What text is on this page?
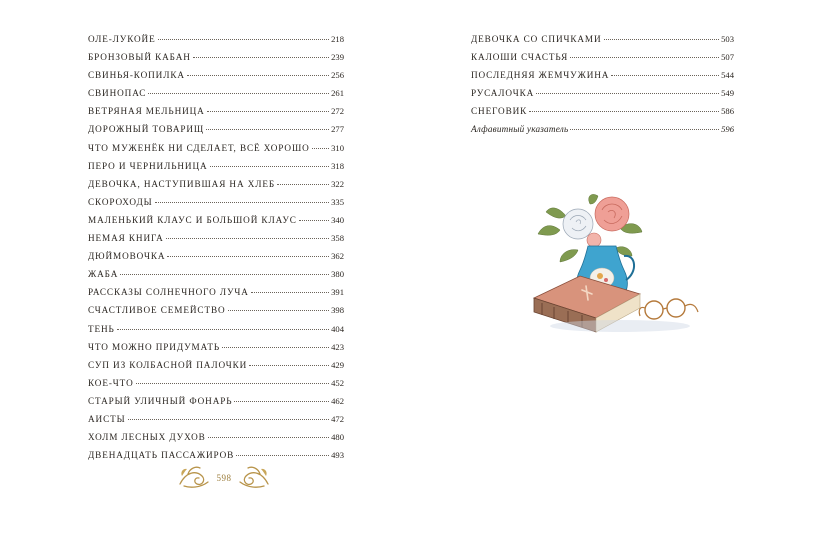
ОЛЕ-ЛУКОЙЕ	218
БРОНЗОВЫЙ КАБАН	239
СВИНЬЯ-КОПИЛКА	256
СВИНОПАС	261
ВЕТРЯНАЯ МЕЛЬНИЦА	272
ДОРОЖНЫЙ ТОВАРИЩ	277
ЧТО МУЖЕНЁК НИ СДЕЛАЕТ, ВСЁ ХОРОШО 310
ПЕРО И ЧЕРНИЛЬНИЦА	318
ДЕВОЧКА, НАСТУПИВШАЯ НА ХЛЕБ	322
СКОРОХОДЫ	335
МАЛЕНЬКИЙ КЛАУС И БОЛЬШОЙ КЛАУС	340
НЕМАЯ КНИГА	358
ДЮЙМОВОЧКА	362
ЖАБА	380
РАССКАЗЫ СОЛНЕЧНОГО ЛУЧА	391
СЧАСТЛИВОЕ СЕМЕЙСТВО	398
ТЕНЬ	404
ЧТО МОЖНО ПРИДУМАТЬ	423
СУП ИЗ КОЛБАСНОЙ ПАЛОЧКИ	429
КОЕ-ЧТО	452
СТАРЫЙ УЛИЧНЫЙ ФОНАРЬ	462
АИСТЫ	472
ХОЛМ ЛЕСНЫХ ДУХОВ	480
ДВЕНАДЦАТЬ ПАССАЖИРОВ	493
598
ДЕВОЧКА СО СПИЧКАМИ	503
КАЛОШИ СЧАСТЬЯ	507
ПОСЛЕДНЯЯ ЖЕМЧУЖИНА	544
РУСАЛОЧКА	549
СНЕГОВИК	586
Алфавитный указатель	596
